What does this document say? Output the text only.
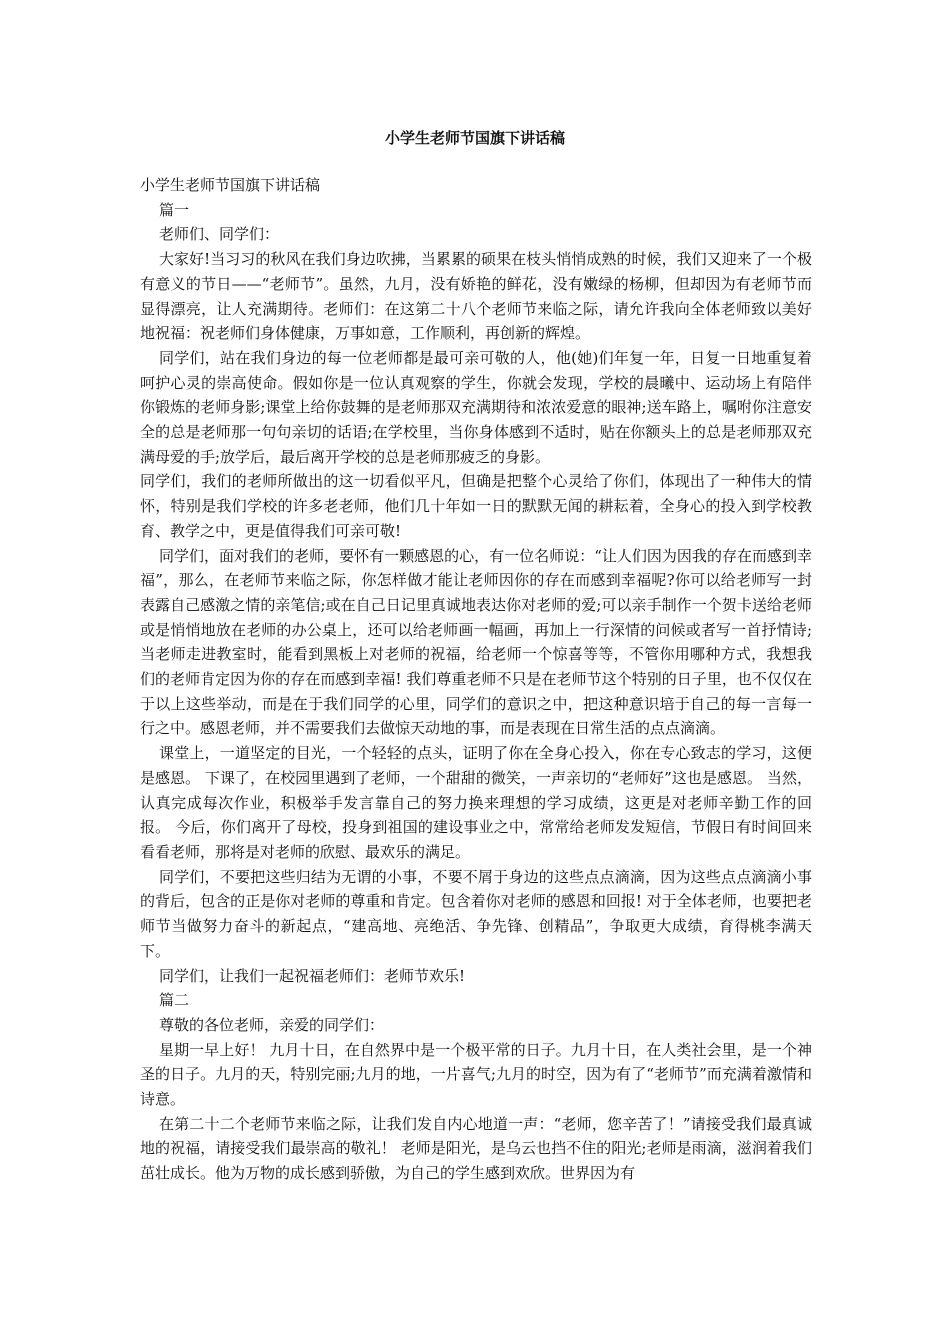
小学生老师节国旗下讲话稿

小学生老师节国旗下讲话稿

篇一

老师们、同学们：

大家好!当习习的秋风在我们身边吹拂，当累累的硕果在枝头悄悄成熟的时候，我们又迎来了一个极有意义的节日——“老师节”。虽然，九月，没有娇艳的鲜花，没有嫩绿的杨柳，但却因为有老师节而显得漂亮，让人充满期待。老师们：在这第二十八个老师节来临之际，请允许我向全体老师致以美好地祝福：祝老师们身体健康，万事如意，工作顺利，再创新的辉煌。

同学们，站在我们身边的每一位老师都是最可亲可敬的人，他(她)们年复一年，日复一日地重复着呵护心灵的崇高使命。假如你是一位认真观察的学生，你就会发现，学校的晨曦中、运动场上有陪伴你锻炼的老师身影;课堂上给你鼓舞的是老师那双充满期待和浓浓爱意的眼神;送车路上，嘱咐你注意安全的总是老师那一句句亲切的话语;在学校里，当你身体感到不适时，贴在你额头上的总是老师那双充满母爱的手;放学后，最后离开学校的总是老师那疲乏的身影。

同学们，我们的老师所做出的这一切看似平凡，但确是把整个心灵给了你们，体现出了一种伟大的情怀，特别是我们学校的许多老老师，他们几十年如一日的默默无闻的耕耘着，全身心的投入到学校教育、教学之中，更是值得我们可亲可敬!

同学们，面对我们的老师，要怀有一颗感恩的心，有一位名师说：“让人们因为因我的存在而感到幸福”，那么，在老师节来临之际，你怎样做才能让老师因你的存在而感到幸福呢?你可以给老师写一封表露自己感激之情的亲笔信;或在自己日记里真诚地表达你对老师的爱;可以亲手制作一个贺卡送给老师或是悄悄地放在老师的办公桌上，还可以给老师画一幅画，再加上一行深情的问候或者写一首抒情诗;当老师走进教室时，能看到黑板上对老师的祝福，给老师一个惊喜等等，不管你用哪种方式，我想我们的老师肯定因为你的存在而感到幸福! 我们尊重老师不只是在老师节这个特别的日子里，也不仅仅在于以上这些举动，而是在于我们同学的心里，同学们的意识之中，把这种意识培于自己的每一言每一行之中。感恩老师，并不需要我们去做惊天动地的事，而是表现在日常生活的点点滴滴。

课堂上，一道坚定的目光，一个轻轻的点头，证明了你在全身心投入，你在专心致志的学习，这便是感恩。 下课了，在校园里遇到了老师，一个甜甜的微笑，一声亲切的“老师好”这也是感恩。 当然，认真完成每次作业，积极举手发言靠自己的努力换来理想的学习成绩，这更是对老师辛勤工作的回报。 今后，你们离开了母校，投身到祖国的建设事业之中，常常给老师发发短信，节假日有时间回来看看老师，那将是对老师的欣慰、最欢乐的满足。

同学们，不要把这些归结为无谓的小事，不要不屑于身边的这些点点滴滴，因为这些点点滴滴小事的背后，包含的正是你对老师的尊重和肯定。包含着你对老师的感恩和回报! 对于全体老师，也要把老师节当做努力奋斗的新起点，“建高地、亮绝活、争先锋、创精品”，争取更大成绩，育得桃李满天下。

同学们，让我们一起祝福老师们：老师节欢乐!

篇二

尊敬的各位老师，亲爱的同学们：

星期一早上好！ 九月十日，在自然界中是一个极平常的日子。九月十日，在人类社会里，是一个神圣的日子。九月的天，特别完丽;九月的地，一片喜气;九月的时空，因为有了“老师节”而充满着激情和诗意。

在第二十二个老师节来临之际，让我们发自内心地道一声：“老师，您辛苦了！”请接受我们最真诚地的祝福，请接受我们最崇高的敬礼！ 老师是阳光，是乌云也挡不住的阳光;老师是雨滴，滋润着我们茁壮成长。他为万物的成长感到骄傲，为自己的学生感到欢欣。世界因为有
